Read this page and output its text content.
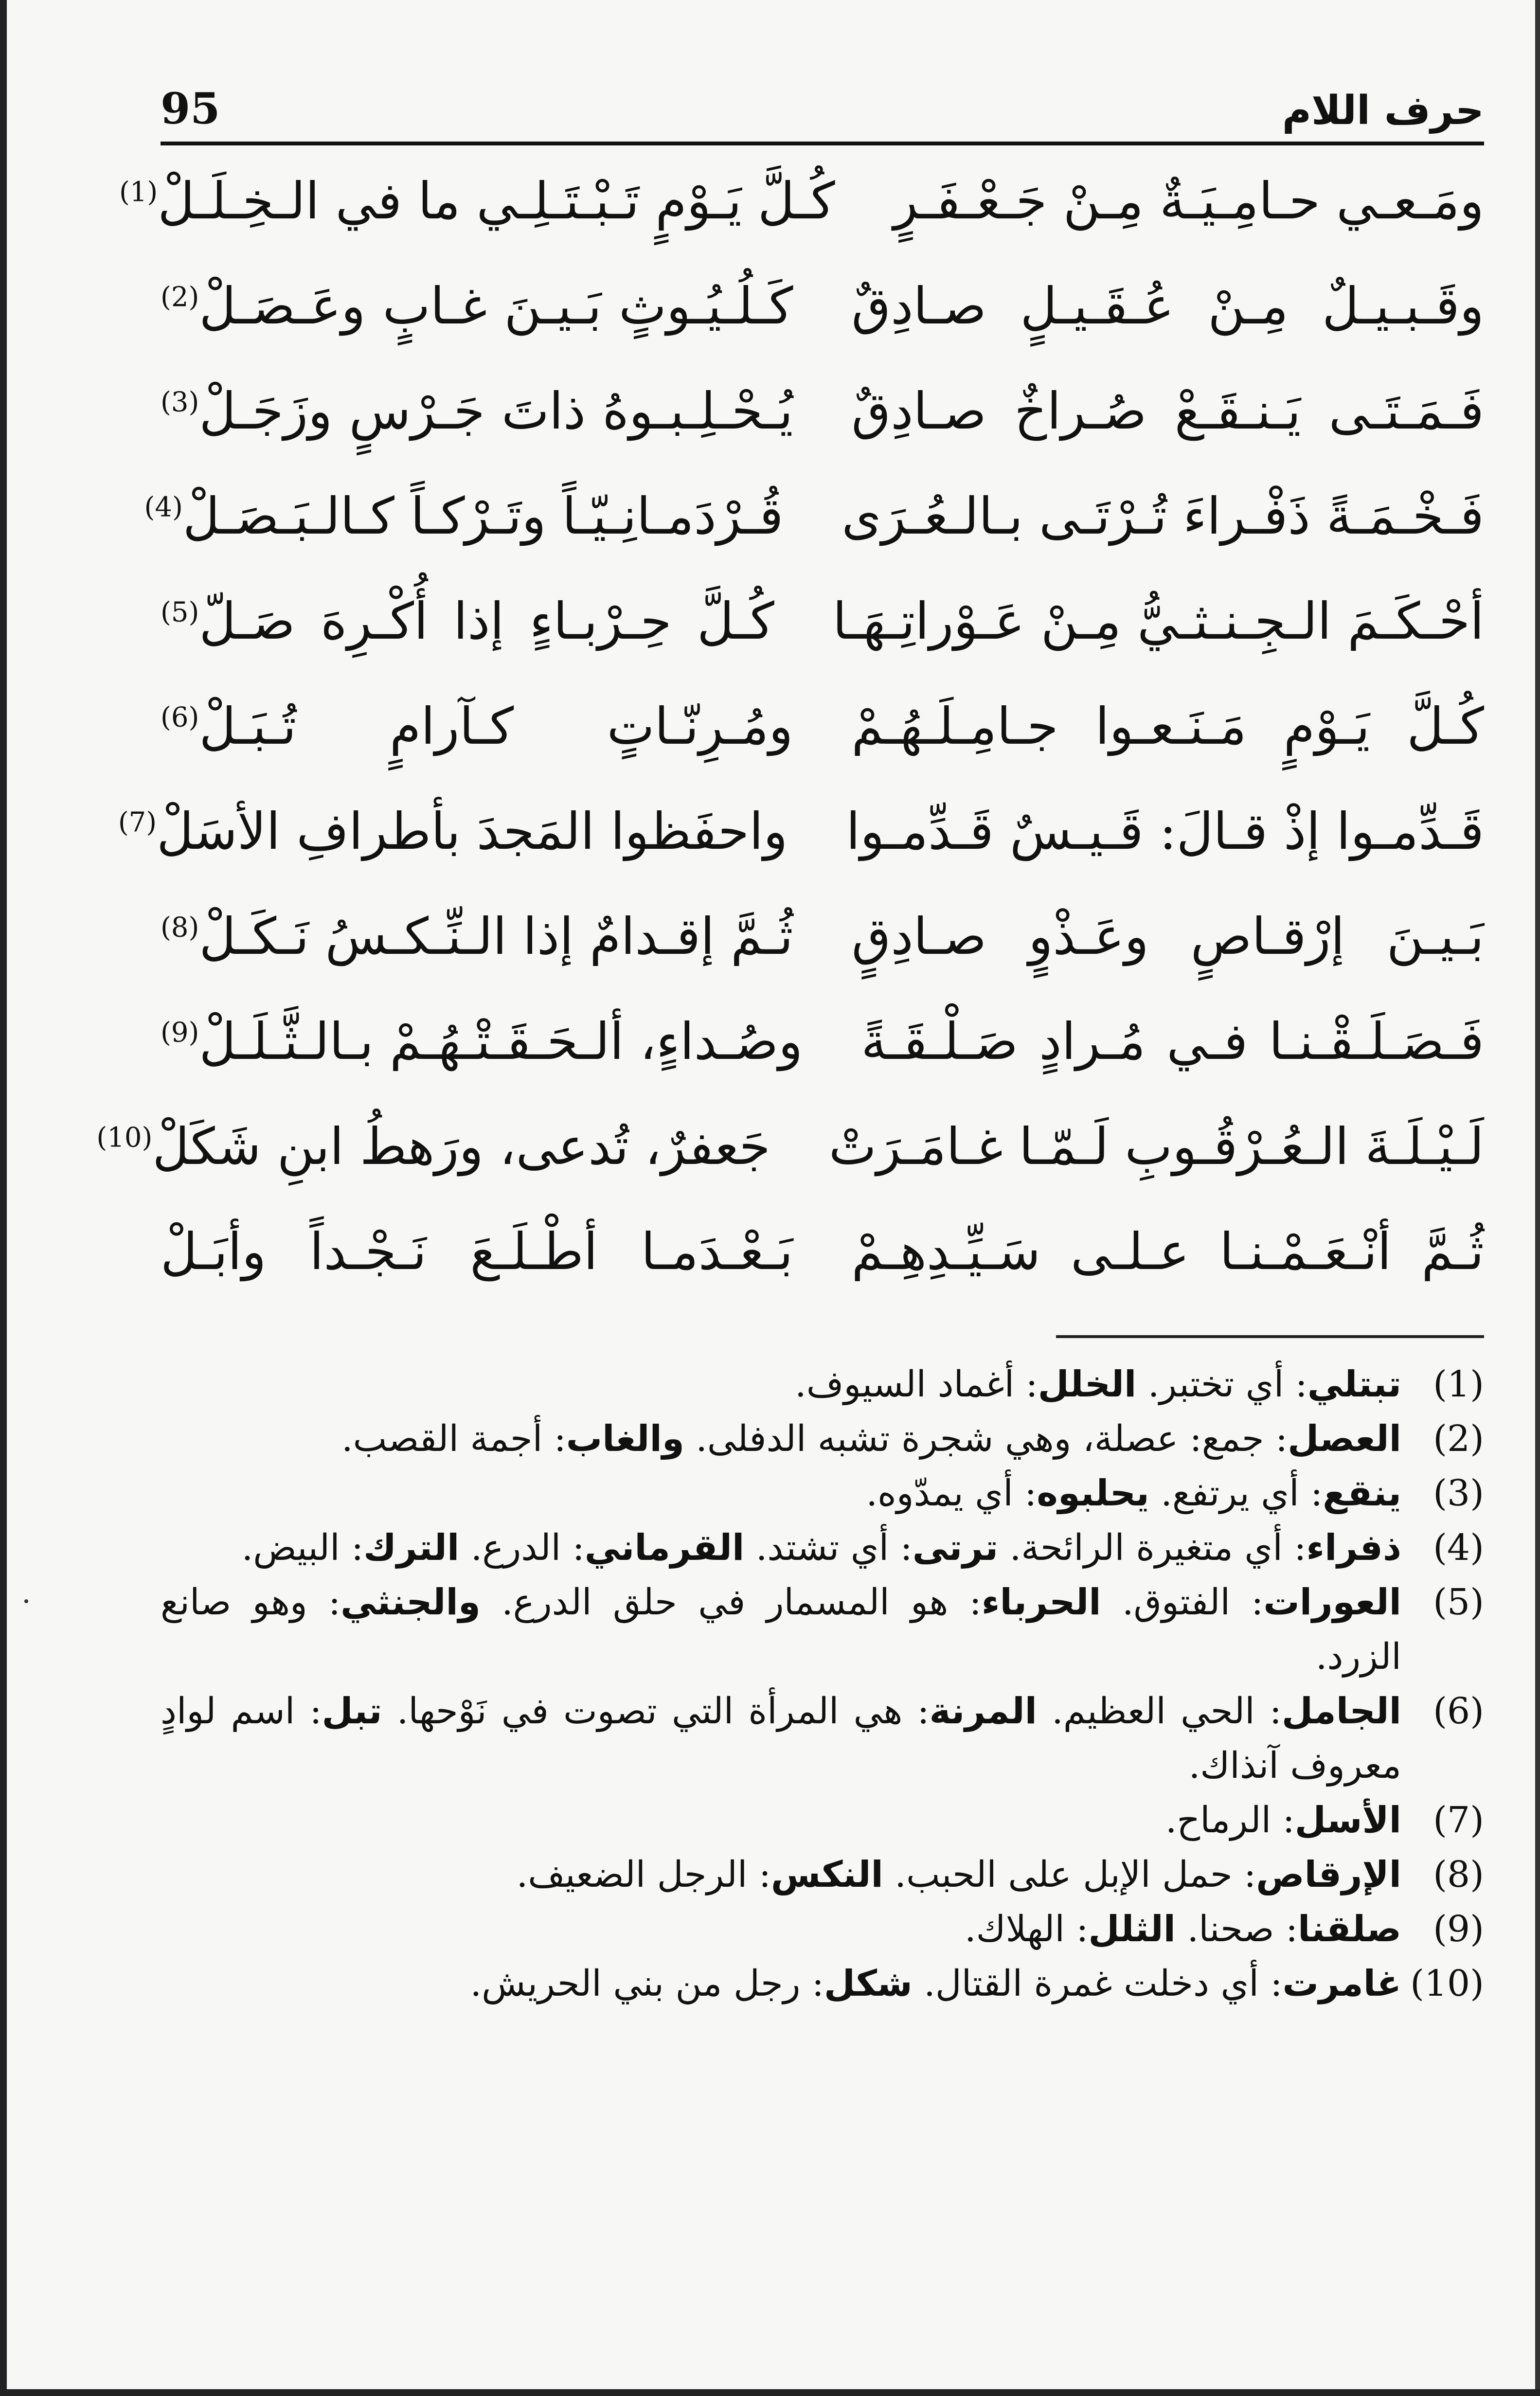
95	حرف اللام
ومَـعـي حـامِـيَـةٌ مِـنْ جَـعْـفَـرٍ
كُـلَّ يَـوْمٍ تَـبْـتَـلِـي ما في الـخِـلَـلْ$^{(1)}$
وقَـبـيـلٌ مِـنْ عُـقَـيـلٍ صـادِقٌ
كَـلُـيُـوثٍ بَـيـنَ غـابٍ وعَـصَـلْ$^{(2)}$
فَـمَـتَـى يَـنـقَـعْ صُـراخٌ صـادِقٌ
يُـحْـلِـبـوهُ ذاتَ جَـرْسٍ وزَجَـلْ$^{(3)}$
فَـخْـمَـةً ذَفْـراءَ تُـرْتَـى بـالـعُـرَى
قُـرْدَمـانِـيّـاً وتَـرْكـاً كـالـبَـصَـلْ$^{(4)}$
أحْـكَـمَ الـجِـنـثـيُّ مِـنْ عَـوْراتِـهَـا
كُـلَّ حِـرْبـاءٍ إذا أُكْـرِهَ صَـلّ$^{(5)}$
كُـلَّ يَـوْمٍ مَـنَـعـوا جـامِـلَـهُـمْ
ومُـرِنّـاتٍ كـآرامٍ تُـبَـلْ$^{(6)}$
قَـدِّمـوا إذْ قـالَ: قَـيـسٌ قَـدِّمـوا
واحفَظوا المَجدَ بأطرافِ الأسَلْ$^{(7)}$
بَـيـنَ إرْقـاصٍ وعَـذْوٍ صـادِقٍ
ثُـمَّ إقـدامٌ إذا الـنِّـكـسُ نَـكَـلْ$^{(8)}$
فَـصَـلَـقْـنـا فـي مُـرادٍ صَـلْـقَـةً
وصُـداءٍ، ألـحَـقَـتْـهُـمْ بـالـثَّـلَـلْ$^{(9)}$
لَـيْـلَـةَ الـعُـرْقُـوبِ لَـمّـا غـامَـرَتْ
جَعفرٌ، تُدعى، ورَهطُ ابنِ شَكَلْ$^{(10)}$
ثُـمَّ أنْـعَـمْـنـا عـلـى سَـيِّـدِهِـمْ
بَـعْـدَمـا أطْـلَـعَ نَـجْـداً وأبَـلْ
(1)
تبتلي: أي تختبر. الخلل: أغماد السيوف.
(2)
العصل: جمع: عصلة، وهي شجرة تشبه الدفلى. والغاب: أجمة القصب.
(3)
ينقع: أي يرتفع. يحلبوه: أي يمدّوه.
(4)
ذفراء: أي متغيرة الرائحة. ترتى: أي تشتد. القرماني: الدرع. الترك: البيض.
(5)
العورات: الفتوق. الحرباء: هو المسمار في حلق الدرع. والجنثي: وهو صانع الزرد.
(6)
الجامل: الحي العظيم. المرنة: هي المرأة التي تصوت في نَوْحها. تبل: اسم لوادٍ معروف آنذاك.
(7)
الأسل: الرماح.
(8)
الإرقاص: حمل الإبل على الحبب. النكس: الرجل الضعيف.
(9)
صلقنا: صحنا. الثلل: الهلاك.
(10)
غامرت: أي دخلت غمرة القتال. شكل: رجل من بني الحريش.
